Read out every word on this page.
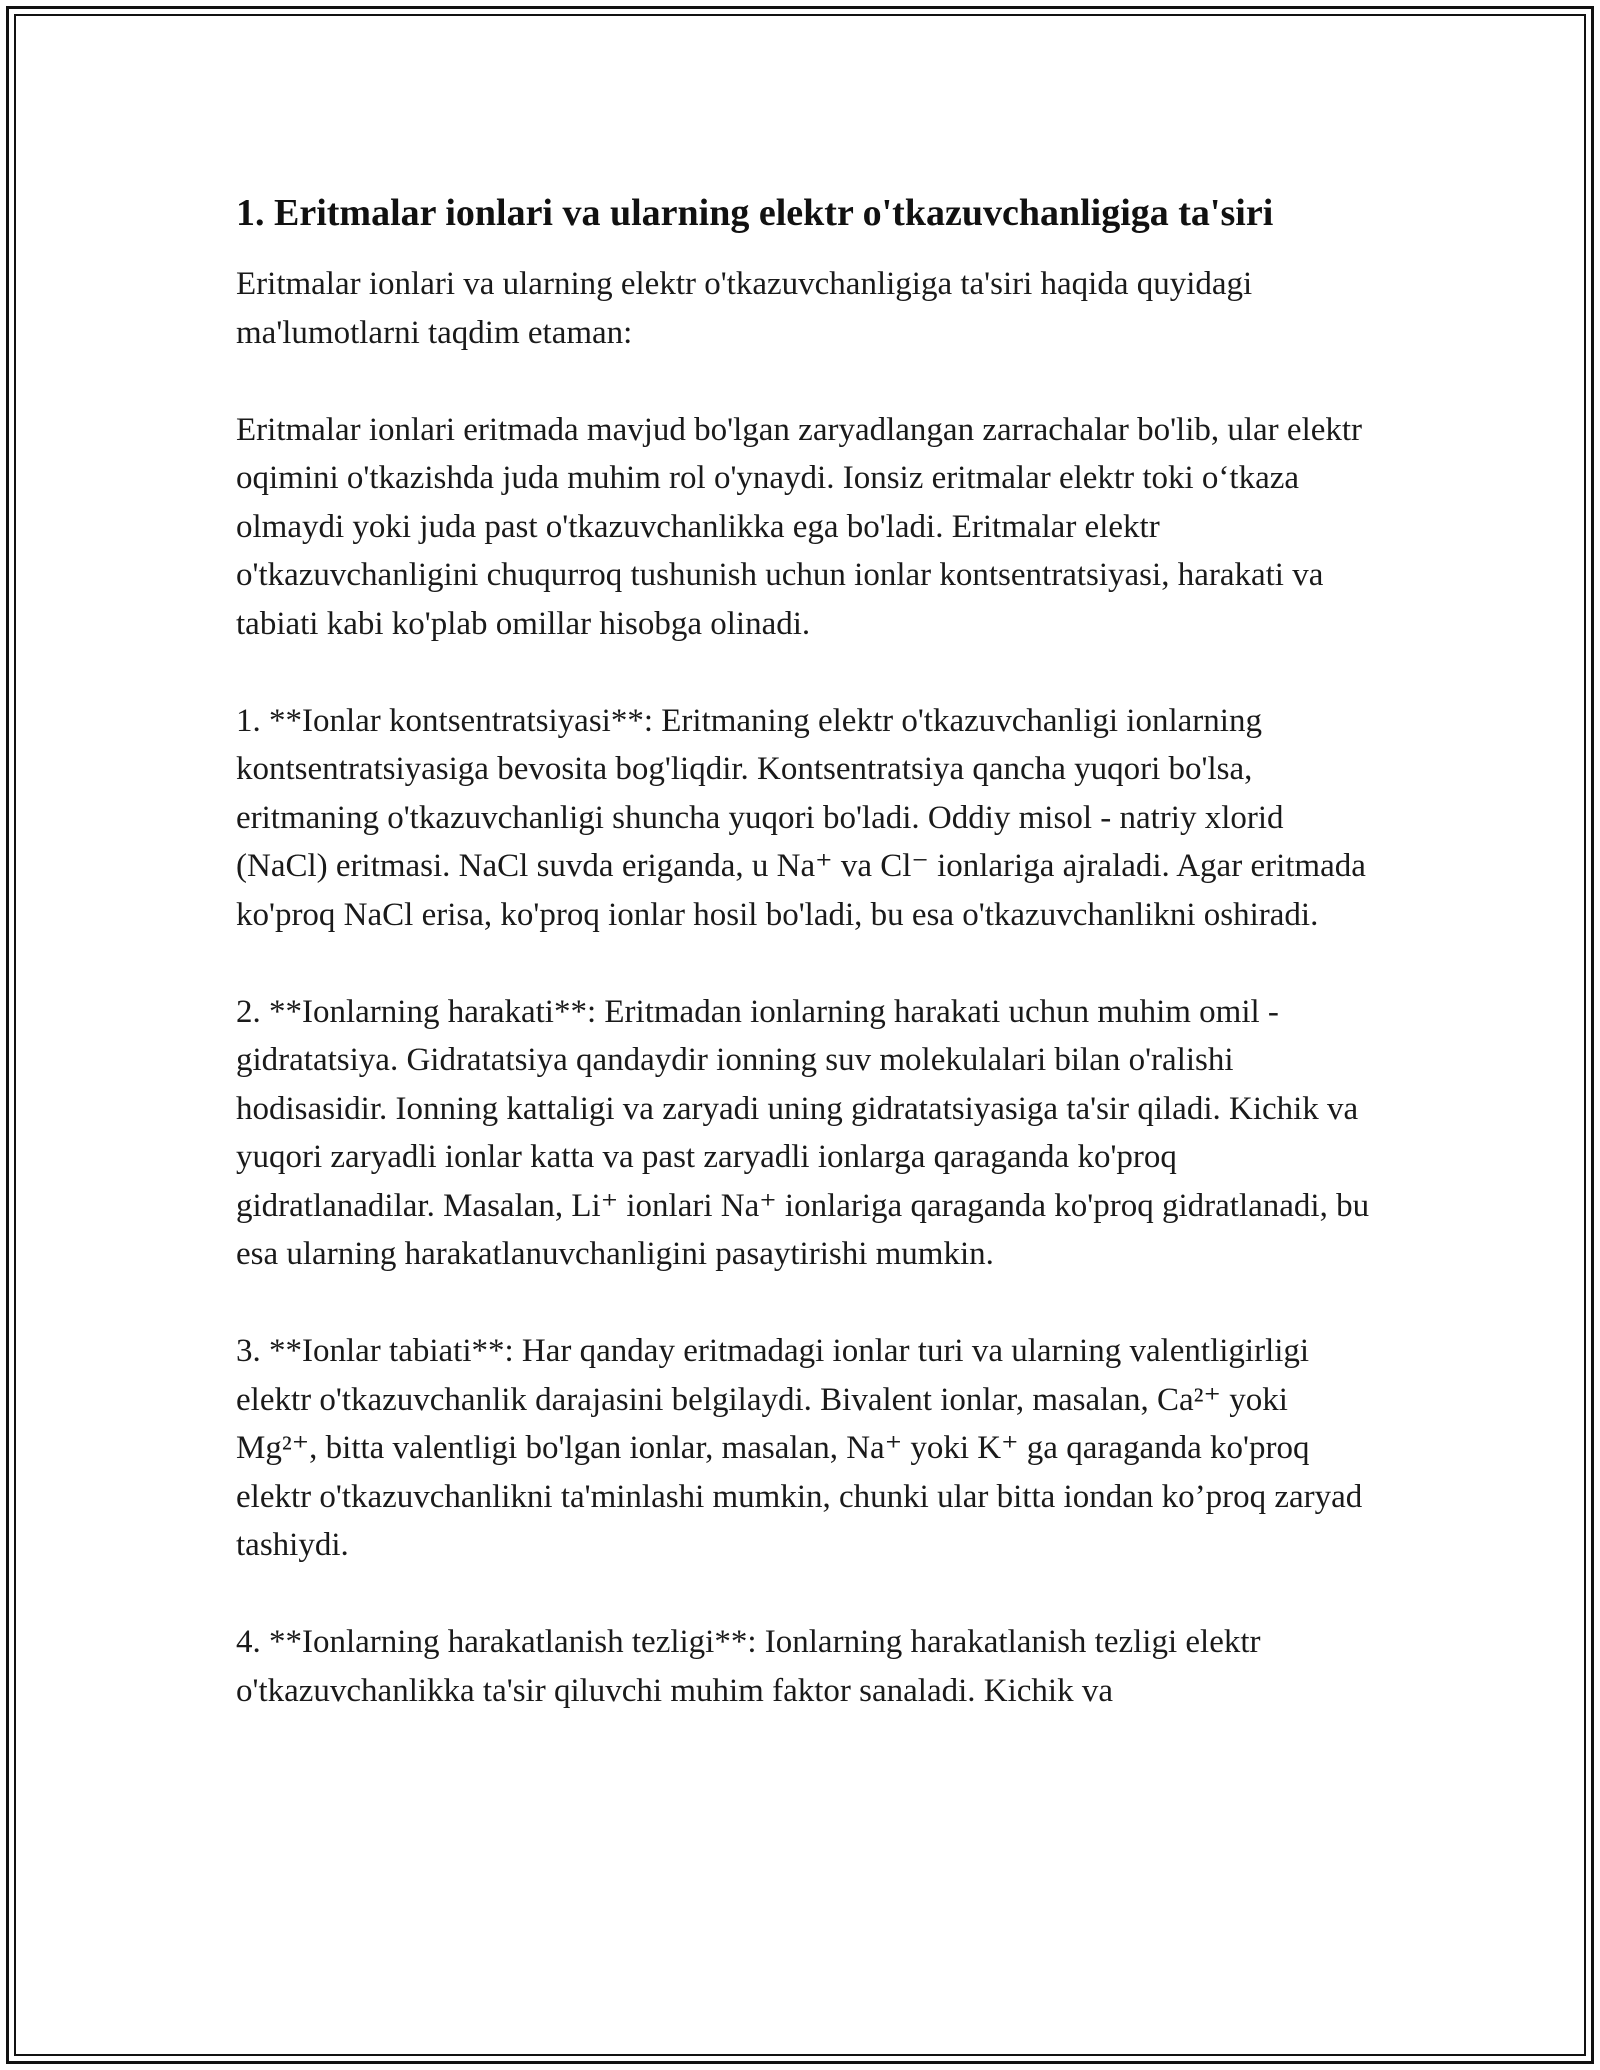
1. Eritmalar ionlari va ularning elektr o'tkazuvchanligiga ta'siri

Eritmalar ionlari va ularning elektr o'tkazuvchanligiga ta'siri haqida quyidagi ma'lumotlarni taqdim etaman:

Eritmalar ionlari eritmada mavjud bo'lgan zaryadlangan zarrachalar bo'lib, ular elektr oqimini o'tkazishda juda muhim rol o'ynaydi. Ionsiz eritmalar elektr toki o‘tkaza olmaydi yoki juda past o'tkazuvchanlikka ega bo'ladi. Eritmalar elektr o'tkazuvchanligini chuqurroq tushunish uchun ionlar kontsentratsiyasi, harakati va tabiati kabi ko'plab omillar hisobga olinadi.

1. **Ionlar kontsentratsiyasi**: Eritmaning elektr o'tkazuvchanligi ionlarning kontsentratsiyasiga bevosita bog'liqdir. Kontsentratsiya qancha yuqori bo'lsa, eritmaning o'tkazuvchanligi shuncha yuqori bo'ladi. Oddiy misol - natriy xlorid (NaCl) eritmasi. NaCl suvda eriganda, u Na⁺ va Cl⁻ ionlariga ajraladi. Agar eritmada ko'proq NaCl erisa, ko'proq ionlar hosil bo'ladi, bu esa o'tkazuvchanlikni oshiradi.

2. **Ionlarning harakati**: Eritmadan ionlarning harakati uchun muhim omil - gidratatsiya. Gidratatsiya qandaydir ionning suv molekulalari bilan o'ralishi hodisasidir. Ionning kattaligi va zaryadi uning gidratatsiyasiga ta'sir qiladi. Kichik va yuqori zaryadli ionlar katta va past zaryadli ionlarga qaraganda ko'proq gidratlanadilar. Masalan, Li⁺ ionlari Na⁺ ionlariga qaraganda ko'proq gidratlanadi, bu esa ularning harakatlanuvchanligini pasaytirishi mumkin.

3. **Ionlar tabiati**: Har qanday eritmadagi ionlar turi va ularning valentligirligi elektr o'tkazuvchanlik darajasini belgilaydi. Bivalent ionlar, masalan, Ca²⁺ yoki Mg²⁺, bitta valentligi bo'lgan ionlar, masalan, Na⁺ yoki K⁺ ga qaraganda ko'proq elektr o'tkazuvchanlikni ta'minlashi mumkin, chunki ular bitta iondan ko’proq zaryad tashiydi.

4. **Ionlarning harakatlanish tezligi**: Ionlarning harakatlanish tezligi elektr o'tkazuvchanlikka ta'sir qiluvchi muhim faktor sanaladi. Kichik va
